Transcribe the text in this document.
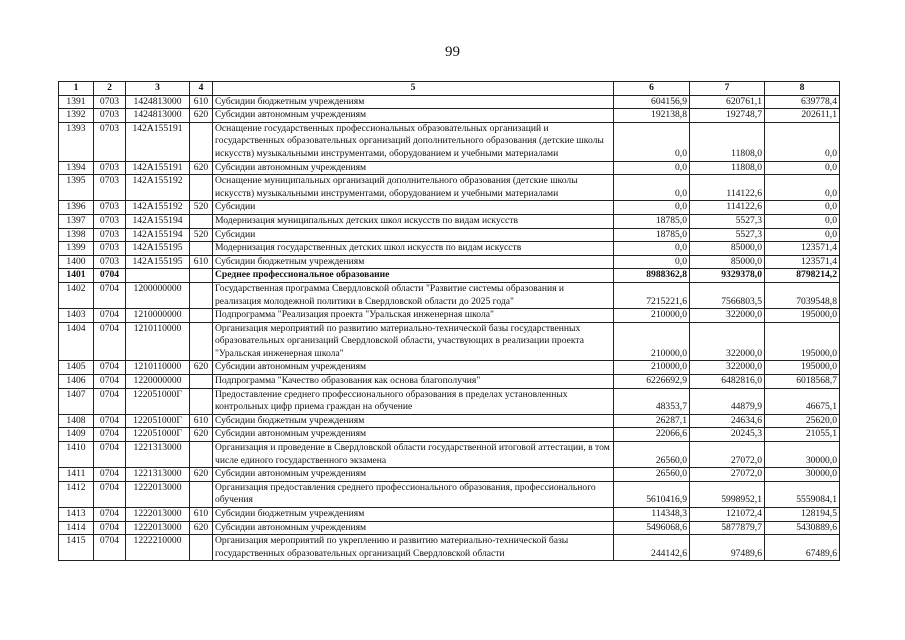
99
1	2	3	4	5	6	7	8
1391	0703	1424813000	610	Субсидии бюджетным учреждениям	604156,9	620761,1	639778,4
1392	0703	1424813000	620	Субсидии автономным учреждениям	192138,8	192748,7	202611,1
1393	0703	142A155191		Оснащение государственных профессиональных образовательных организаций и государственных образовательных организаций дополнительного образования (детские школы искусств) музыкальными инструментами, оборудованием и учебными материалами	0,0	11808,0	0,0
1394	0703	142A155191	620	Субсидии автономным учреждениям	0,0	11808,0	0,0
1395	0703	142A155192		Оснащение муниципальных организаций дополнительного образования (детские школы искусств) музыкальными инструментами, оборудованием и учебными материалами	0,0	114122,6	0,0
1396	0703	142A155192	520	Субсидии	0,0	114122,6	0,0
1397	0703	142A155194		Модернизация муниципальных детских школ искусств по видам искусств	18785,0	5527,3	0,0
1398	0703	142A155194	520	Субсидии	18785,0	5527,3	0,0
1399	0703	142A155195		Модернизация государственных детских школ искусств по видам искусств	0,0	85000,0	123571,4
1400	0703	142A155195	610	Субсидии бюджетным учреждениям	0,0	85000,0	123571,4
1401	0704			Среднее профессиональное образование	8988362,8	9329378,0	8798214,2
1402	0704	1200000000		Государственная программа Свердловской области "Развитие системы образования и реализация молодежной политики в Свердловской области до 2025 года"	7215221,6	7566803,5	7039548,8
1403	0704	1210000000		Подпрограмма "Реализация проекта "Уральская инженерная школа"	210000,0	322000,0	195000,0
1404	0704	1210110000		Организация мероприятий по развитию материально-технической базы государственных образовательных организаций Свердловской области, участвующих в реализации проекта "Уральская инженерная школа"	210000,0	322000,0	195000,0
1405	0704	1210110000	620	Субсидии автономным учреждениям	210000,0	322000,0	195000,0
1406	0704	1220000000		Подпрограмма "Качество образования как основа благополучия"	6226692,9	6482816,0	6018568,7
1407	0704	122051000Г		Предоставление среднего профессионального образования в пределах установленных контрольных цифр приема граждан на обучение	48353,7	44879,9	46675,1
1408	0704	122051000Г	610	Субсидии бюджетным учреждениям	26287,1	24634,6	25620,0
1409	0704	122051000Г	620	Субсидии автономным учреждениям	22066,6	20245,3	21055,1
1410	0704	1221313000		Организация и проведение в Свердловской области государственной итоговой аттестации, в том числе единого государственного экзамена	26560,0	27072,0	30000,0
1411	0704	1221313000	620	Субсидии автономным учреждениям	26560,0	27072,0	30000,0
1412	0704	1222013000		Организация предоставления среднего профессионального образования, профессионального обучения	5610416,9	5998952,1	5559084,1
1413	0704	1222013000	610	Субсидии бюджетным учреждениям	114348,3	121072,4	128194,5
1414	0704	1222013000	620	Субсидии автономным учреждениям	5496068,6	5877879,7	5430889,6
1415	0704	1222210000		Организация мероприятий по укреплению и развитию материально-технической базы государственных образовательных организаций Свердловской области	244142,6	97489,6	67489,6
